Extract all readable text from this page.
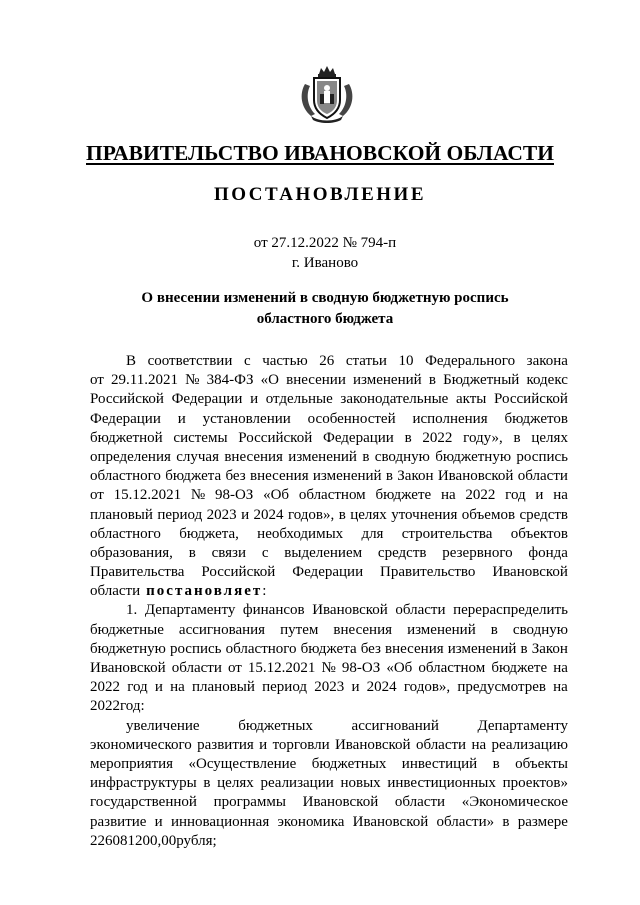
ПРАВИТЕЛЬСТВО ИВАНОВСКОЙ ОБЛАСТИ
ПОСТАНОВЛЕНИЕ
от 27.12.2022 № 794-п
г. Иваново
О внесении изменений в сводную бюджетную роспись
областного бюджета
В соответствии с частью 26 статьи 10 Федерального закона
от 29.11.2021 № 384-ФЗ «О внесении изменений в Бюджетный кодекс
Российской Федерации и отдельные законодательные акты Российской
Федерации и установлении особенностей исполнения бюджетов
бюджетной системы Российской Федерации в 2022 году», в целях
определения случая внесения изменений в сводную бюджетную роспись
областного бюджета без внесения изменений в Закон Ивановской области
от 15.12.2021 № 98-ОЗ «Об областном бюджете на 2022 год и на
плановый период 2023 и 2024 годов», в целях уточнения объемов средств
областного бюджета, необходимых для строительства объектов
образования, в связи с выделением средств резервного фонда
Правительства Российской Федерации Правительство Ивановской
области постановляет :
1. Департаменту финансов Ивановской области перераспределить
бюджетные ассигнования путем внесения изменений в сводную
бюджетную роспись областного бюджета без внесения изменений в Закон
Ивановской области от 15.12.2021 № 98-ОЗ «Об областном бюджете на
2022 год и на плановый период 2023 и 2024 годов», предусмотрев на
2022 год:
увеличение	бюджетных	ассигнований	Департаменту
экономического развития и торговли Ивановской области на реализацию
мероприятия «Осуществление бюджетных инвестиций в объекты
инфраструктуры в целях реализации новых инвестиционных проектов»
государственной программы Ивановской области «Экономическое
развитие и инновационная экономика Ивановской области» в размере
226081200,00 рубля;
